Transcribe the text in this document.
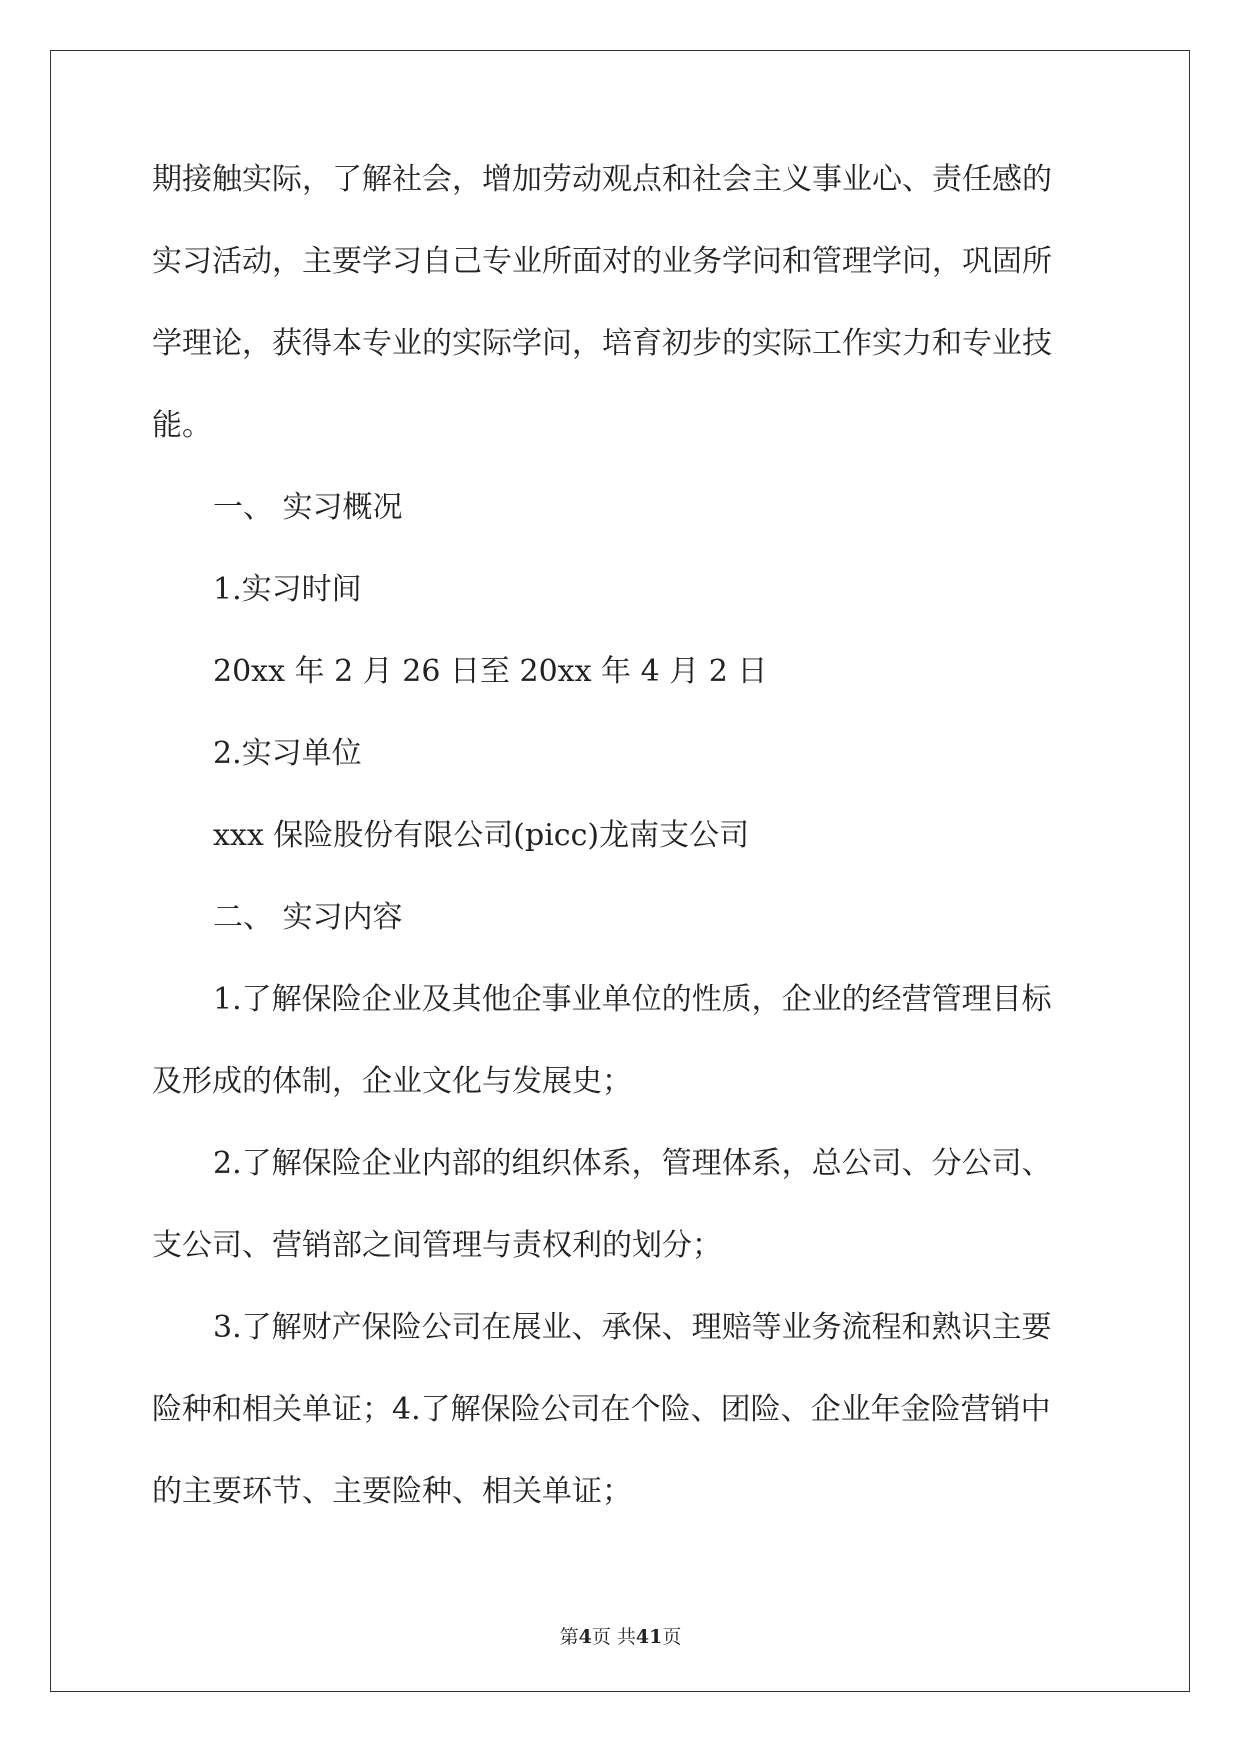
期接触实际，了解社会，增加劳动观点和社会主义事业心、责任感的
实习活动，主要学习自己专业所面对的业务学问和管理学问，巩固所
学理论，获得本专业的实际学问，培育初步的实际工作实力和专业技
能。
一、 实习概况
1.实习时间
20xx 年 2 月 26 日至 20xx 年 4 月 2 日
2.实习单位
xxx 保险股份有限公司(picc)龙南支公司
二、 实习内容
1.了解保险企业及其他企事业单位的性质，企业的经营管理目标
及形成的体制，企业文化与发展史；
2.了解保险企业内部的组织体系，管理体系，总公司、分公司、
支公司、营销部之间管理与责权利的划分；
3.了解财产保险公司在展业、承保、理赔等业务流程和熟识主要
险种和相关单证；4.了解保险公司在个险、团险、企业年金险营销中
的主要环节、主要险种、相关单证；
第4页 共41页
